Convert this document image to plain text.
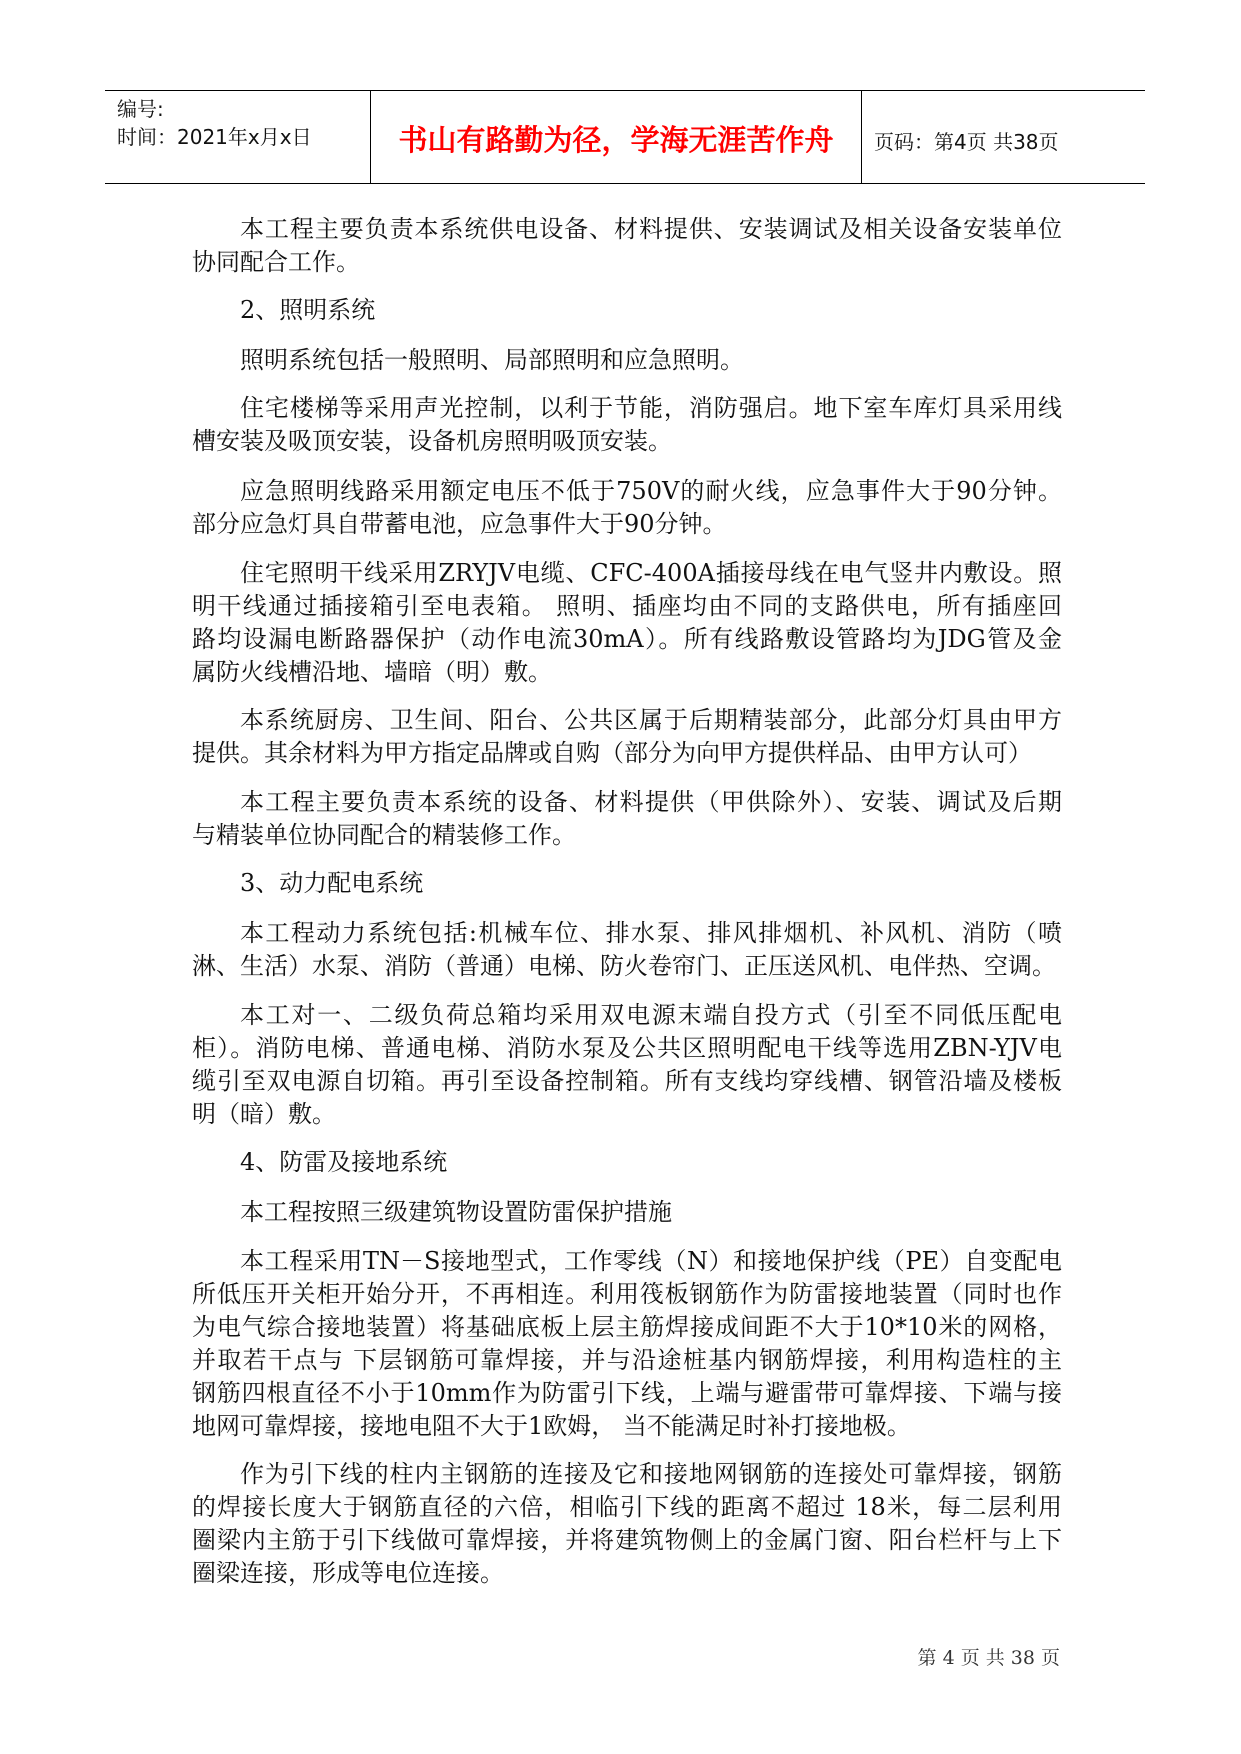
编号:
时间：2021年x月x日	书山有路勤为径，学海无涯苦作舟	页码：第4页 共38页
本工程主要负责本系统供电设备、材料提供、安装调试及相关设备安装单位
协同配合工作。
2、照明系统
照明系统包括一般照明、局部照明和应急照明。
住宅楼梯等采用声光控制，以利于节能，消防强启。地下室车库灯具采用线
槽安装及吸顶安装，设备机房照明吸顶安装。
应急照明线路采用额定电压不低于750V的耐火线，应急事件大于90分钟。
部分应急灯具自带蓄电池，应急事件大于90分钟。
住宅照明干线采用ZRYJV电缆、CFC-400A插接母线在电气竖井内敷设。照
明干线通过插接箱引至电表箱。 照明、插座均由不同的支路供电，所有插座回
路均设漏电断路器保护（动作电流30mA）。所有线路敷设管路均为JDG管及金
属防火线槽沿地、墙暗（明）敷。
本系统厨房、卫生间、阳台、公共区属于后期精装部分，此部分灯具由甲方
提供。其余材料为甲方指定品牌或自购（部分为向甲方提供样品、由甲方认可）
本工程主要负责本系统的设备、材料提供（甲供除外）、安装、调试及后期
与精装单位协同配合的精装修工作。
3、动力配电系统
本工程动力系统包括:机械车位、排水泵、排风排烟机、补风机、消防（喷
淋、生活）水泵、消防（普通）电梯、防火卷帘门、正压送风机、电伴热、空调。
本工对一、二级负荷总箱均采用双电源末端自投方式（引至不同低压配电
柜）。消防电梯、普通电梯、消防水泵及公共区照明配电干线等选用ZBN-YJV电
缆引至双电源自切箱。再引至设备控制箱。所有支线均穿线槽、钢管沿墙及楼板
明（暗）敷。
4、防雷及接地系统
本工程按照三级建筑物设置防雷保护措施
本工程采用TN－S接地型式，工作零线（N）和接地保护线（PE）自变配电
所低压开关柜开始分开，不再相连。利用筏板钢筋作为防雷接地装置（同时也作
为电气综合接地装置）将基础底板上层主筋焊接成间距不大于10*10米的网格，
并取若干点与 下层钢筋可靠焊接，并与沿途桩基内钢筋焊接，利用构造柱的主
钢筋四根直径不小于10mm作为防雷引下线，上端与避雷带可靠焊接、下端与接
地网可靠焊接，接地电阻不大于1欧姆， 当不能满足时补打接地极。
作为引下线的柱内主钢筋的连接及它和接地网钢筋的连接处可靠焊接，钢筋
的焊接长度大于钢筋直径的六倍，相临引下线的距离不超过 18米，每二层利用
圈梁内主筋于引下线做可靠焊接，并将建筑物侧上的金属门窗、阳台栏杆与上下
圈梁连接，形成等电位连接。
第 4 页 共 38 页
